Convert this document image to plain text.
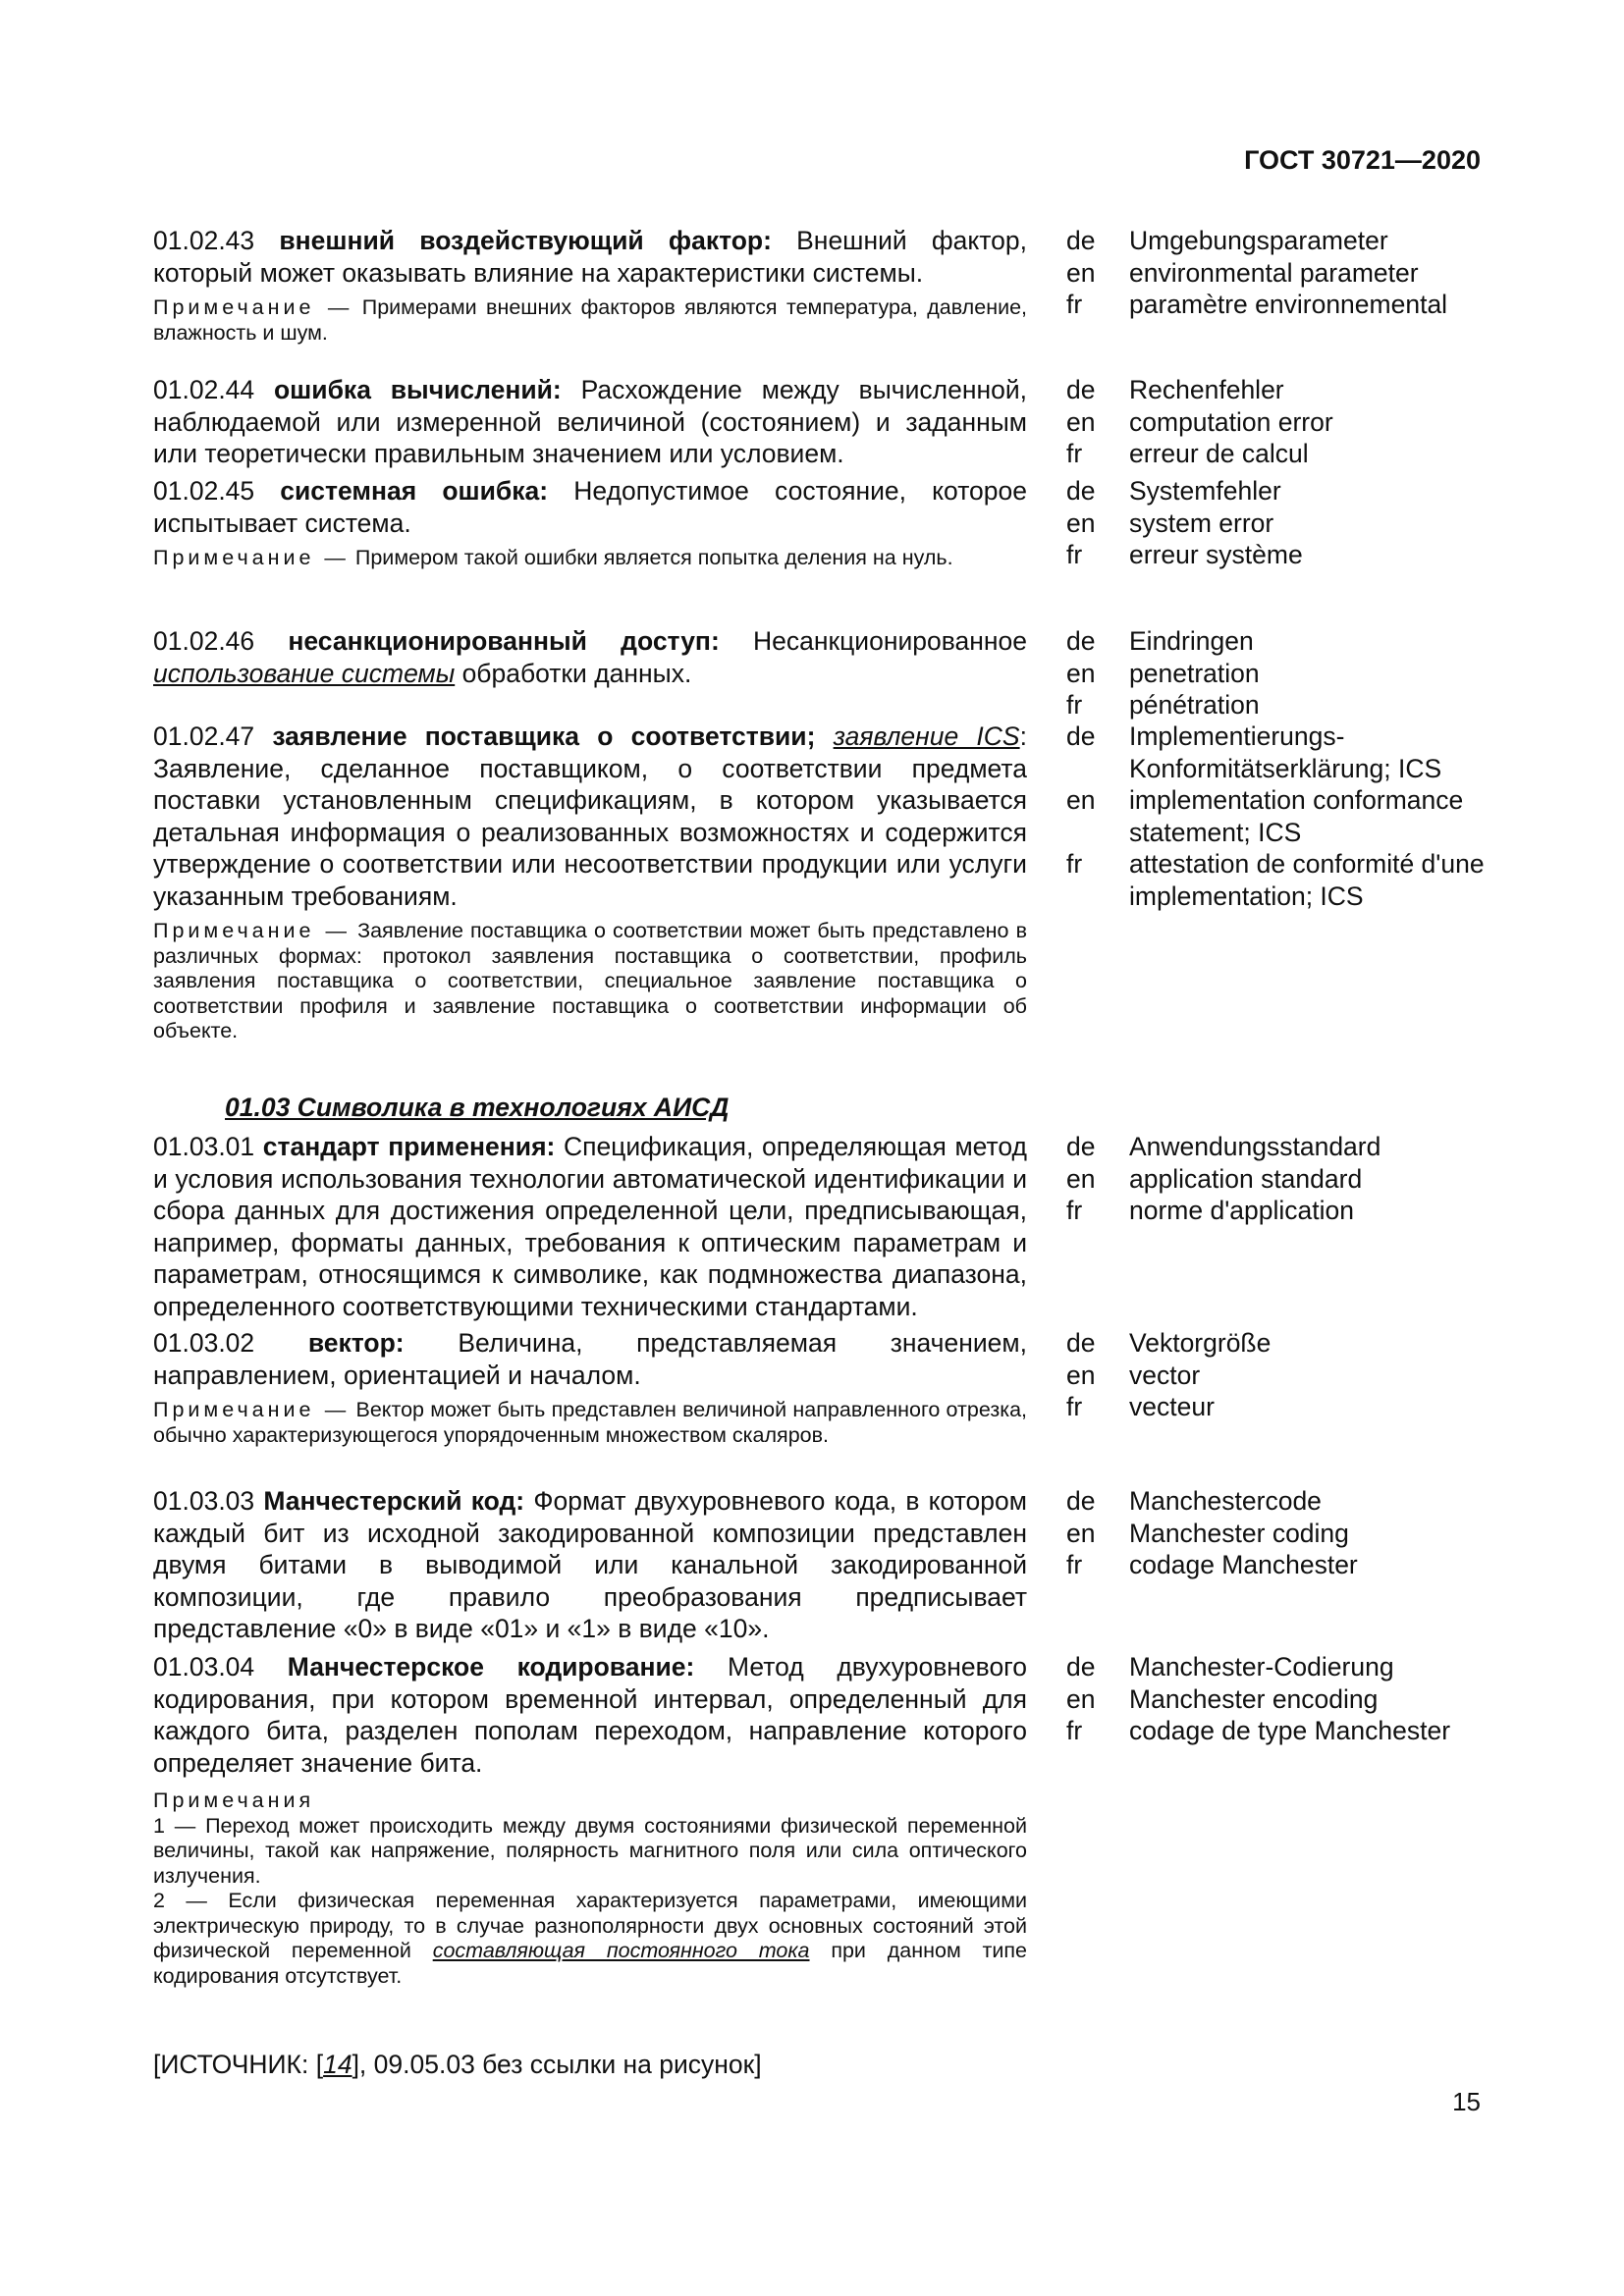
ГОСТ 30721—2020
01.02.43 внешний воздействующий фактор: Внешний фактор, который может оказывать влияние на характеристики системы.
Примечание — Примерами внешних факторов являются температура, давление, влажность и шум.
de	Umgebungsparameter
en	environmental parameter
fr	paramètre environnemental
01.02.44 ошибка вычислений: Расхождение между вычисленной, наблюдаемой или измеренной величиной (состоянием) и заданным или теоретически правильным значением или условием.
de	Rechenfehler
en	computation error
fr	erreur de calcul
01.02.45 системная ошибка: Недопустимое состояние, которое испытывает система.
Примечание — Примером такой ошибки является попытка деления на нуль.
de	Systemfehler
en	system error
fr	erreur système
01.02.46 несанкционированный доступ: Несанкционированное использование системы обработки данных.
de	Eindringen
en	penetration
fr	pénétration
01.02.47 заявление поставщика о соответствии; заявление ICS: Заявление, сделанное поставщиком, о соответствии предмета поставки установленным спецификациям, в котором указывается детальная информация о реализованных возможностях и содержится утверждение о соответствии или несоответствии продукции или услуги указанным требованиям.
Примечание — Заявление поставщика о соответствии может быть представлено в различных формах: протокол заявления поставщика о соответствии, профиль заявления поставщика о соответствии, специальное заявление поставщика о соответствии профиля и заявление поставщика о соответствии информации об объекте.
de	Implementierungs-Konformitätserklärung; ICS
en	implementation conformance statement; ICS
fr	attestation de conformité d'une implementation; ICS
01.03 Символика в технологиях АИСД
01.03.01 стандарт применения: Спецификация, определяющая метод и условия использования технологии автоматической идентификации и сбора данных для достижения определенной цели, предписывающая, например, форматы данных, требования к оптическим параметрам и параметрам, относящимся к символике, как подмножества диапазона, определенного соответствующими техническими стандартами.
de	Anwendungsstandard
en	application standard
fr	norme d'application
01.03.02 вектор: Величина, представляемая значением, направлением, ориентацией и началом.
Примечание — Вектор может быть представлен величиной направленного отрезка, обычно характеризующегося упорядоченным множеством скаляров.
de	Vektorgröße
en	vector
fr	vecteur
01.03.03 Манчестерский код: Формат двухуровневого кода, в котором каждый бит из исходной закодированной композиции представлен двумя битами в выводимой или канальной закодированной композиции, где правило преобразования предписывает представление «0» в виде «01» и «1» в виде «10».
de	Manchestercode
en	Manchester coding
fr	codage Manchester
01.03.04 Манчестерское кодирование: Метод двухуровневого кодирования, при котором временной интервал, определенный для каждого бита, разделен пополам переходом, направление которого определяет значение бита.
Примечания
1 — Переход может происходить между двумя состояниями физической переменной величины, такой как напряжение, полярность магнитного поля или сила оптического излучения.
2 — Если физическая переменная характеризуется параметрами, имеющими электрическую природу, то в случае разнополярности двух основных состояний этой физической переменной составляющая постоянного тока при данном типе кодирования отсутствует.
de	Manchester-Codierung
en	Manchester encoding
fr	codage de type Manchester
[ИСТОЧНИК: [14], 09.05.03 без ссылки на рисунок]
15
